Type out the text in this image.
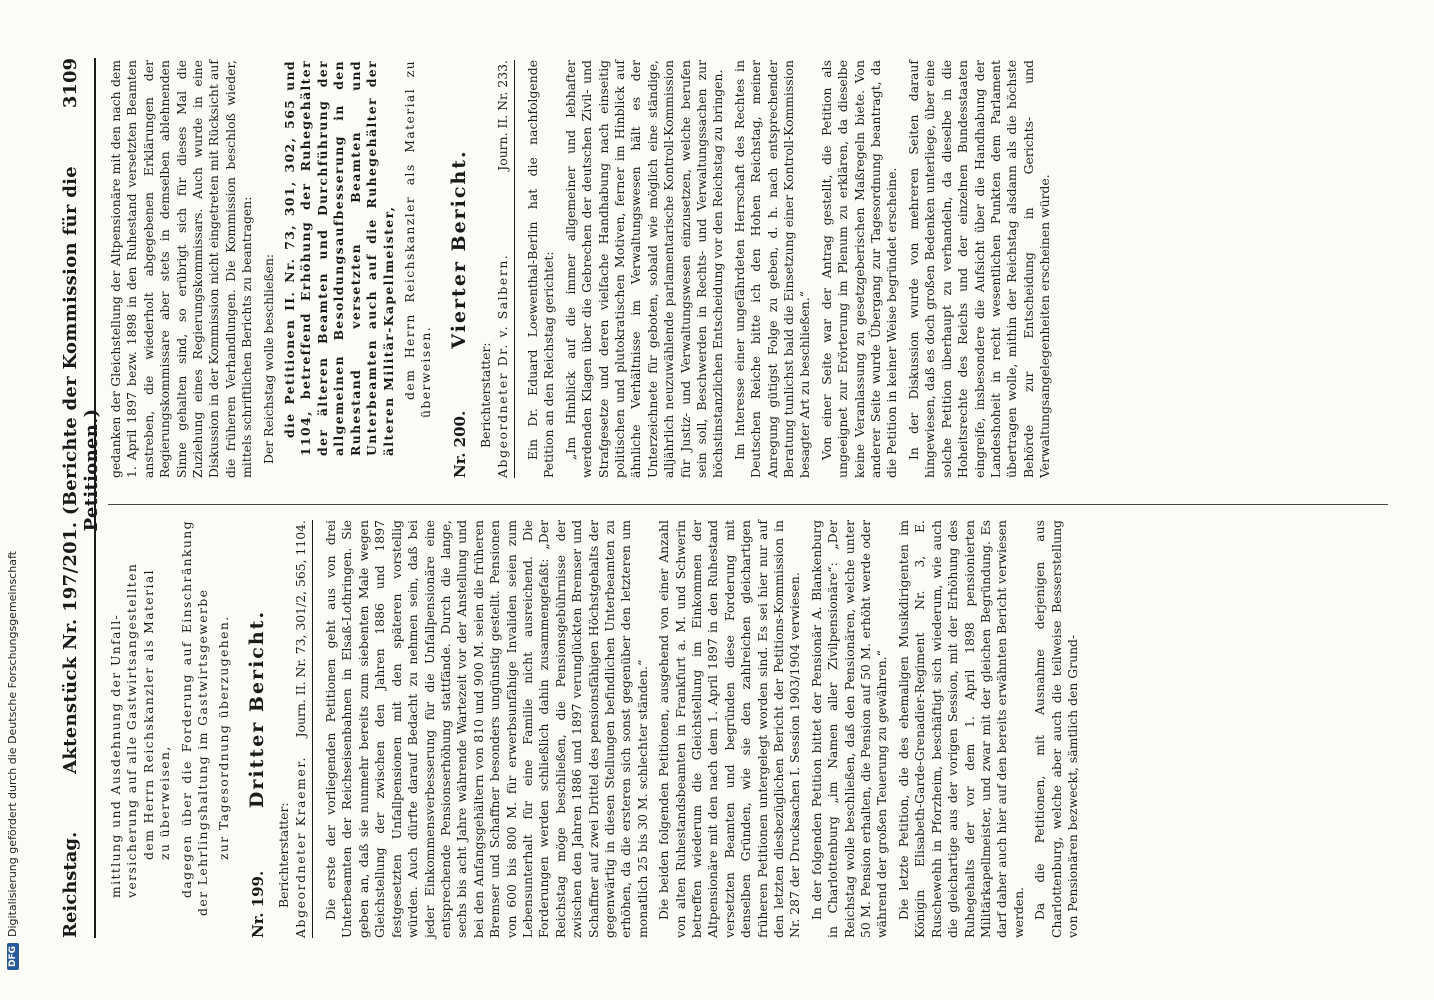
DFG
Digitalisierung gefördert durch die Deutsche Forschungsgemeinschaft Reichstag.
Aktenstück Nr. 197/201. (Berichte der Kommission für die Petitionen.)
3109

mittlung und Ausdehnung der Unfall- versicherung auf alle Gastwirtsangestellten dem Herrn Reichskanzler als Material zu überweisen, dagegen über die Forderung auf Einschränkung der Lehrlingshaltung im Gastwirtsgewerbe zur Tagesordnung überzugehen.

Nr. 199.
Dritter Bericht.
Berichterstatter: Abgeordneter Kraemer.
Journ. II. Nr. 73, 301/2, 565, 1104. Die erste der vorliegenden Petitionen geht aus von drei Unterbeamten der Reichseisenbahnen in Elsaß-Lothringen. Sie geben an, daß sie nunmehr bereits zum siebenten Male wegen Gleichstellung der zwischen den Jahren 1886 und 1897 festgesetzten Unfallpensionen mit den späteren vorstellig würden. Auch dürfte darauf Bedacht zu nehmen sein, daß bei jeder Einkommensverbesserung für die Unfallpensionäre eine entsprechende Pensionserhöhung stattfände. Durch die lange, sechs bis acht Jahre währende Wartezeit vor der Anstellung und bei den Anfangsgehältern von 810 und 900 M. seien die früheren Bremser und Schaffner besonders ungünstig gestellt. Pensionen von 600 bis 800 M. für erwerbsunfähige Invaliden seien zum Lebensunterhalt für eine Familie nicht ausreichend. Die Forderungen werden schließlich dahin zusammengefaßt: „Der Reichstag möge beschließen, die Pensionsgebührnisse der zwischen den Jahren 1886 und 1897 verunglückten Bremser und Schaffner auf zwei Drittel des pensionsfähigen Höchstgehalts der gegenwärtig in diesen Stellungen befindlichen Unterbeamten zu erhöhen, da die ersteren sich sonst gegenüber den letzteren um monatlich 25 bis 30 M. schlechter ständen.“ Die beiden folgenden Petitionen, ausgehend von einer Anzahl von alten Ruhestandsbeamten in Frankfurt a. M. und Schwerin betreffen wiederum die Gleichstellung im Einkommen der Altpensionäre mit den nach dem 1. April 1897 in den Ruhestand versetzten Beamten und begründen diese Forderung mit denselben Gründen, wie sie den zahlreichen gleichartigen früheren Petitionen untergelegt worden sind. Es sei hier nur auf den letzten diesbezüglichen Bericht der Petitions-Kommission in Nr. 287 der Drucksachen I. Session 1903/1904 verwiesen. In der folgenden Petition bittet der Pensionär A. Blankenburg in Charlottenburg „im Namen aller Zivilpensionäre“: „Der Reichstag wolle beschließen, daß den Pensionären, welche unter 50 M. Pension erhalten, die Pension auf 50 M. erhöht werde oder während der großen Teuerung zu gewähren.“ Die letzte Petition, die des ehemaligen Musikdirigenten im Königin Elisabeth-Garde-Grenadier-Regiment Nr. 3, E. Ruschewehh in Pforzheim, beschäftigt sich wiederum, wie auch die gleichartige aus der vorigen Session, mit der Erhöhung des Ruhegehalts der vor dem 1. April 1898 pensionierten Militärkapellmeister, und zwar mit der gleichen Begründung. Es darf daher auch hier auf den bereits erwähnten Bericht verwiesen werden. Da die Petitionen, mit Ausnahme derjenigen aus Charlottenburg, welche aber auch die teilweise Besserstellung von Pensionären bezweckt, sämtlich den Grund-

gedanken der Gleichstellung der Altpensionäre mit den nach dem 1. April 1897 bezw. 1898 in den Ruhestand versetzten Beamten anstreben, die wiederholt abgegebenen Erklärungen der Regierungskommissare aber stets in demselben ablehnenden Sinne gehalten sind, so erübrigt sich für dieses Mal die Zuziehung eines Regierungskommissars. Auch wurde in eine Diskussion in der Kommission nicht eingetreten mit Rücksicht auf die früheren Verhandlungen. Die Kommission beschloß wieder, mittels schriftlichen Berichts zu beantragen: Der Reichstag wolle beschließen: die Petitionen II. Nr. 73, 301, 302, 565 und 1104, betreffend Erhöhung der Ruhegehälter der älteren Beamten und Durchführung der allgemeinen Besoldungsaufbesserung in den Ruhestand versetzten Beamten und Unterbeamten auch auf die Ruhegehälter der älteren Militär-Kapellmeister, dem Herrn Reichskanzler als Material zu überweisen.

Nr. 200.
Vierter Bericht.
Berichterstatter: Abgeordneter Dr. v. Salbern.
Journ. II. Nr. 233. Ein Dr. Eduard Loewenthal-Berlin hat die nachfolgende Petition an den Reichstag gerichtet: „Im Hinblick auf die immer allgemeiner und lebhafter werdenden Klagen über die Gebrechen der deutschen Zivil- und Strafgesetze und deren vielfache Handhabung nach einseitig politischen und plutokratischen Motiven, ferner im Hinblick auf ähnliche Verhältnisse im Verwaltungswesen hält es der Unterzeichnete für geboten, sobald wie möglich eine ständige, alljährlich neuzuwählende parlamentarische Kontroll-Kommission für Justiz- und Verwaltungswesen einzusetzen, welche berufen sein soll, Beschwerden in Rechts- und Verwaltungssachen zur höchstinstanzlichen Entscheidung vor den Reichstag zu bringen. Im Interesse einer ungefährdeten Herrschaft des Rechtes in Deutschen Reiche bitte ich den Hohen Reichstag, meiner Anregung gütigst Folge zu geben, d. h. nach entsprechender Beratung tunlichst bald die Einsetzung einer Kontroll-Kommission besagter Art zu beschließen.“ Von einer Seite war der Antrag gestellt, die Petition als ungeeignet zur Erörterung im Plenum zu erklären, da dieselbe keine Veranlassung zu gesetzgeberischen Maßregeln biete. Von anderer Seite wurde Übergang zur Tagesordnung beantragt, da die Petition in keiner Weise begründet erscheine. In der Diskussion wurde von mehreren Seiten darauf hingewiesen, daß es doch großen Bedenken unterliege, über eine solche Petition überhaupt zu verhandeln, da dieselbe in die Hoheitsrechte des Reichs und der einzelnen Bundesstaaten eingreife, insbesondere die Aufsicht über die Handhabung der Landeshoheit in recht wesentlichen Punkten dem Parlament übertragen wolle, mithin der Reichstag alsdann als die höchste Behörde zur Entscheidung in Gerichts- und Verwaltungsangelegenheiten erscheinen würde.
